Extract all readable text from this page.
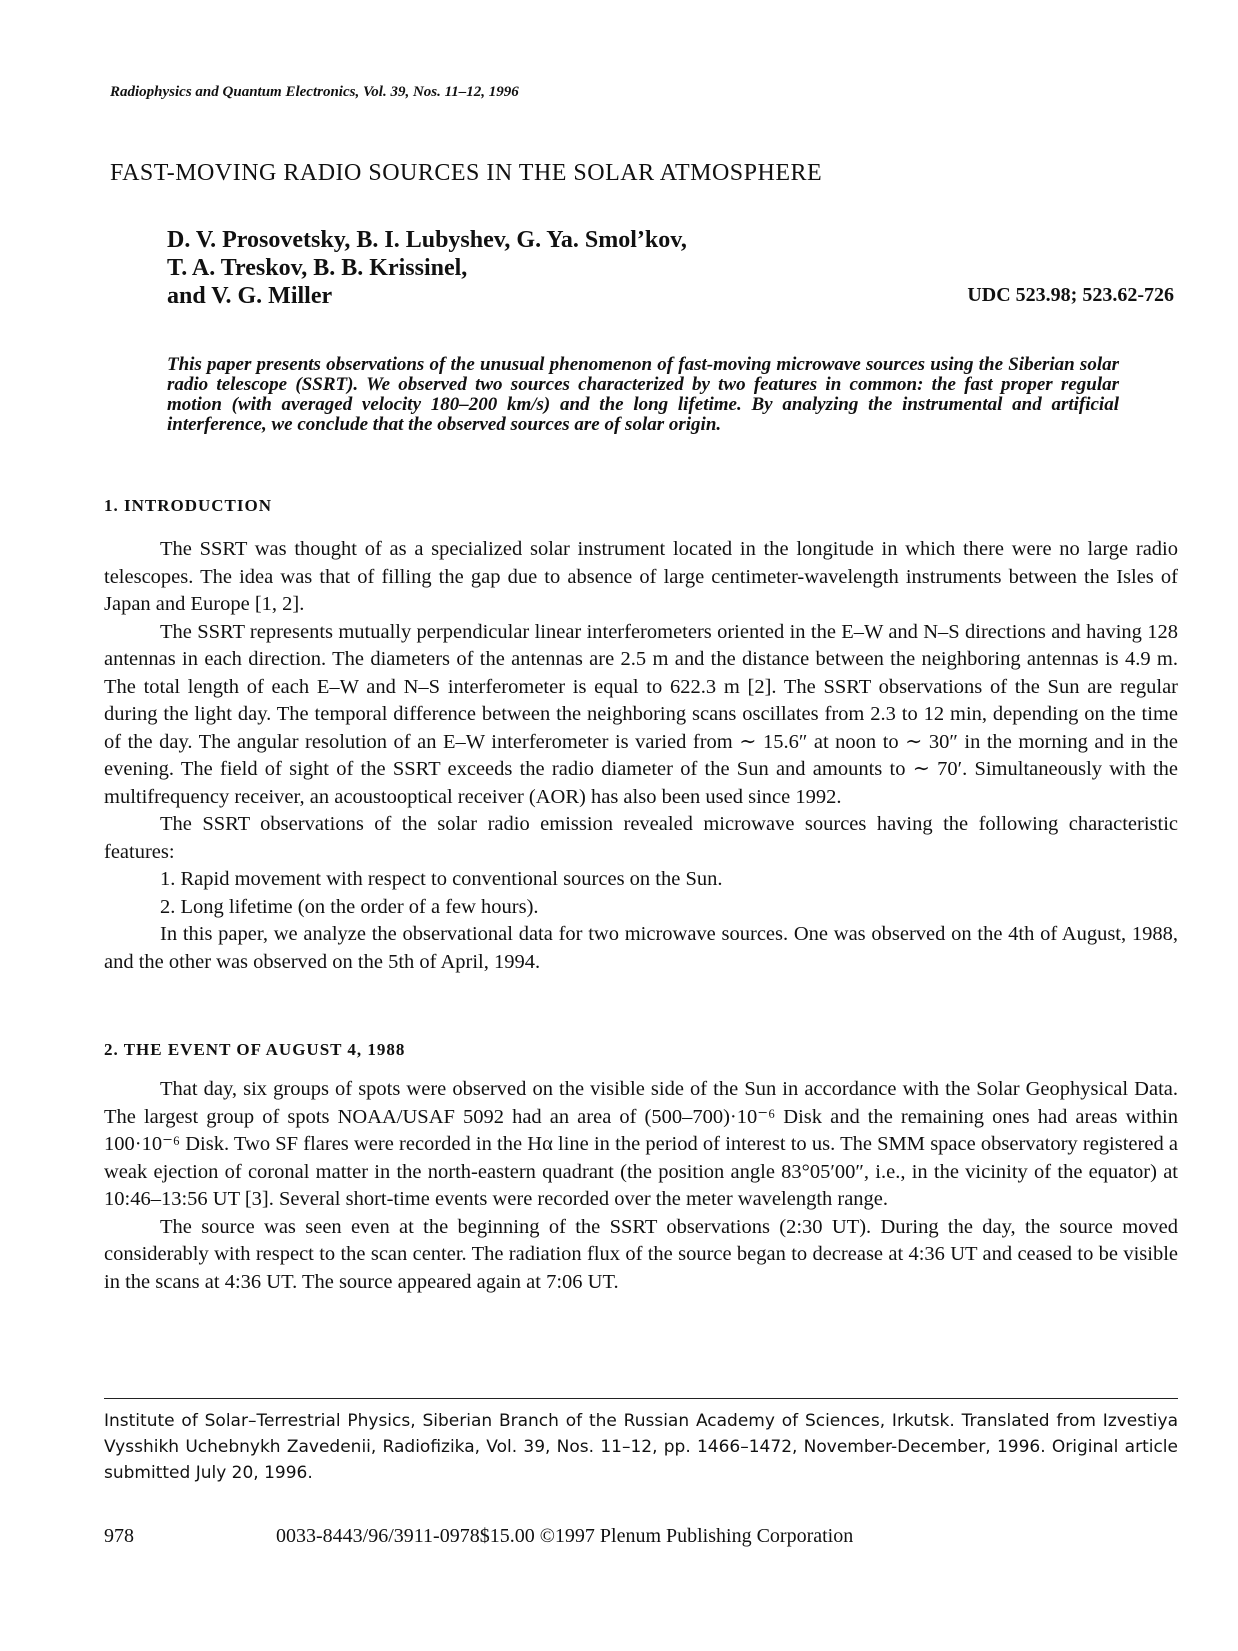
Radiophysics and Quantum Electronics, Vol. 39, Nos. 11–12, 1996
FAST-MOVING RADIO SOURCES IN THE SOLAR ATMOSPHERE
D. V. Prosovetsky, B. I. Lubyshev, G. Ya. Smol’kov,
T. A. Treskov, B. B. Krissinel,
and V. G. Miller	UDC 523.98; 523.62-726
This paper presents observations of the unusual phenomenon of fast-moving microwave sources using the Siberian solar radio telescope (SSRT). We observed two sources characterized by two features in common: the fast proper regular motion (with averaged velocity 180–200 km/s) and the long lifetime. By analyzing the instrumental and artificial interference, we conclude that the observed sources are of solar origin.
1. INTRODUCTION

The SSRT was thought of as a specialized solar instrument located in the longitude in which there were no large radio telescopes. The idea was that of filling the gap due to absence of large centimeter-wavelength instruments between the Isles of Japan and Europe [1, 2].

The SSRT represents mutually perpendicular linear interferometers oriented in the E–W and N–S directions and having 128 antennas in each direction. The diameters of the antennas are 2.5 m and the distance between the neighboring antennas is 4.9 m. The total length of each E–W and N–S interferometer is equal to 622.3 m [2]. The SSRT observations of the Sun are regular during the light day. The temporal difference between the neighboring scans oscillates from 2.3 to 12 min, depending on the time of the day. The angular resolution of an E–W interferometer is varied from ∼ 15.6″ at noon to ∼ 30″ in the morning and in the evening. The field of sight of the SSRT exceeds the radio diameter of the Sun and amounts to ∼ 70′. Simultaneously with the multifrequency receiver, an acoustooptical receiver (AOR) has also been used since 1992.

The SSRT observations of the solar radio emission revealed microwave sources having the following characteristic features:

1. Rapid movement with respect to conventional sources on the Sun.

2. Long lifetime (on the order of a few hours).

In this paper, we analyze the observational data for two microwave sources. One was observed on the 4th of August, 1988, and the other was observed on the 5th of April, 1994.

2. THE EVENT OF AUGUST 4, 1988

That day, six groups of spots were observed on the visible side of the Sun in accordance with the Solar Geophysical Data. The largest group of spots NOAA/USAF 5092 had an area of (500–700)·10⁻⁶ Disk and the remaining ones had areas within 100·10⁻⁶ Disk. Two SF flares were recorded in the Hα line in the period of interest to us. The SMM space observatory registered a weak ejection of coronal matter in the north-eastern quadrant (the position angle 83°05′00″, i.e., in the vicinity of the equator) at 10:46–13:56 UT [3]. Several short-time events were recorded over the meter wavelength range.

The source was seen even at the beginning of the SSRT observations (2:30 UT). During the day, the source moved considerably with respect to the scan center. The radiation flux of the source began to decrease at 4:36 UT and ceased to be visible in the scans at 4:36 UT. The source appeared again at 7:06 UT.

Institute of Solar–Terrestrial Physics, Siberian Branch of the Russian Academy of Sciences, Irkutsk. Translated from Izvestiya Vysshikh Uchebnykh Zavedenii, Radiofizika, Vol. 39, Nos. 11–12, pp. 1466–1472, November-December, 1996. Original article submitted July 20, 1996.
978	0033-8443/96/3911-0978$15.00 ©1997 Plenum Publishing Corporation
